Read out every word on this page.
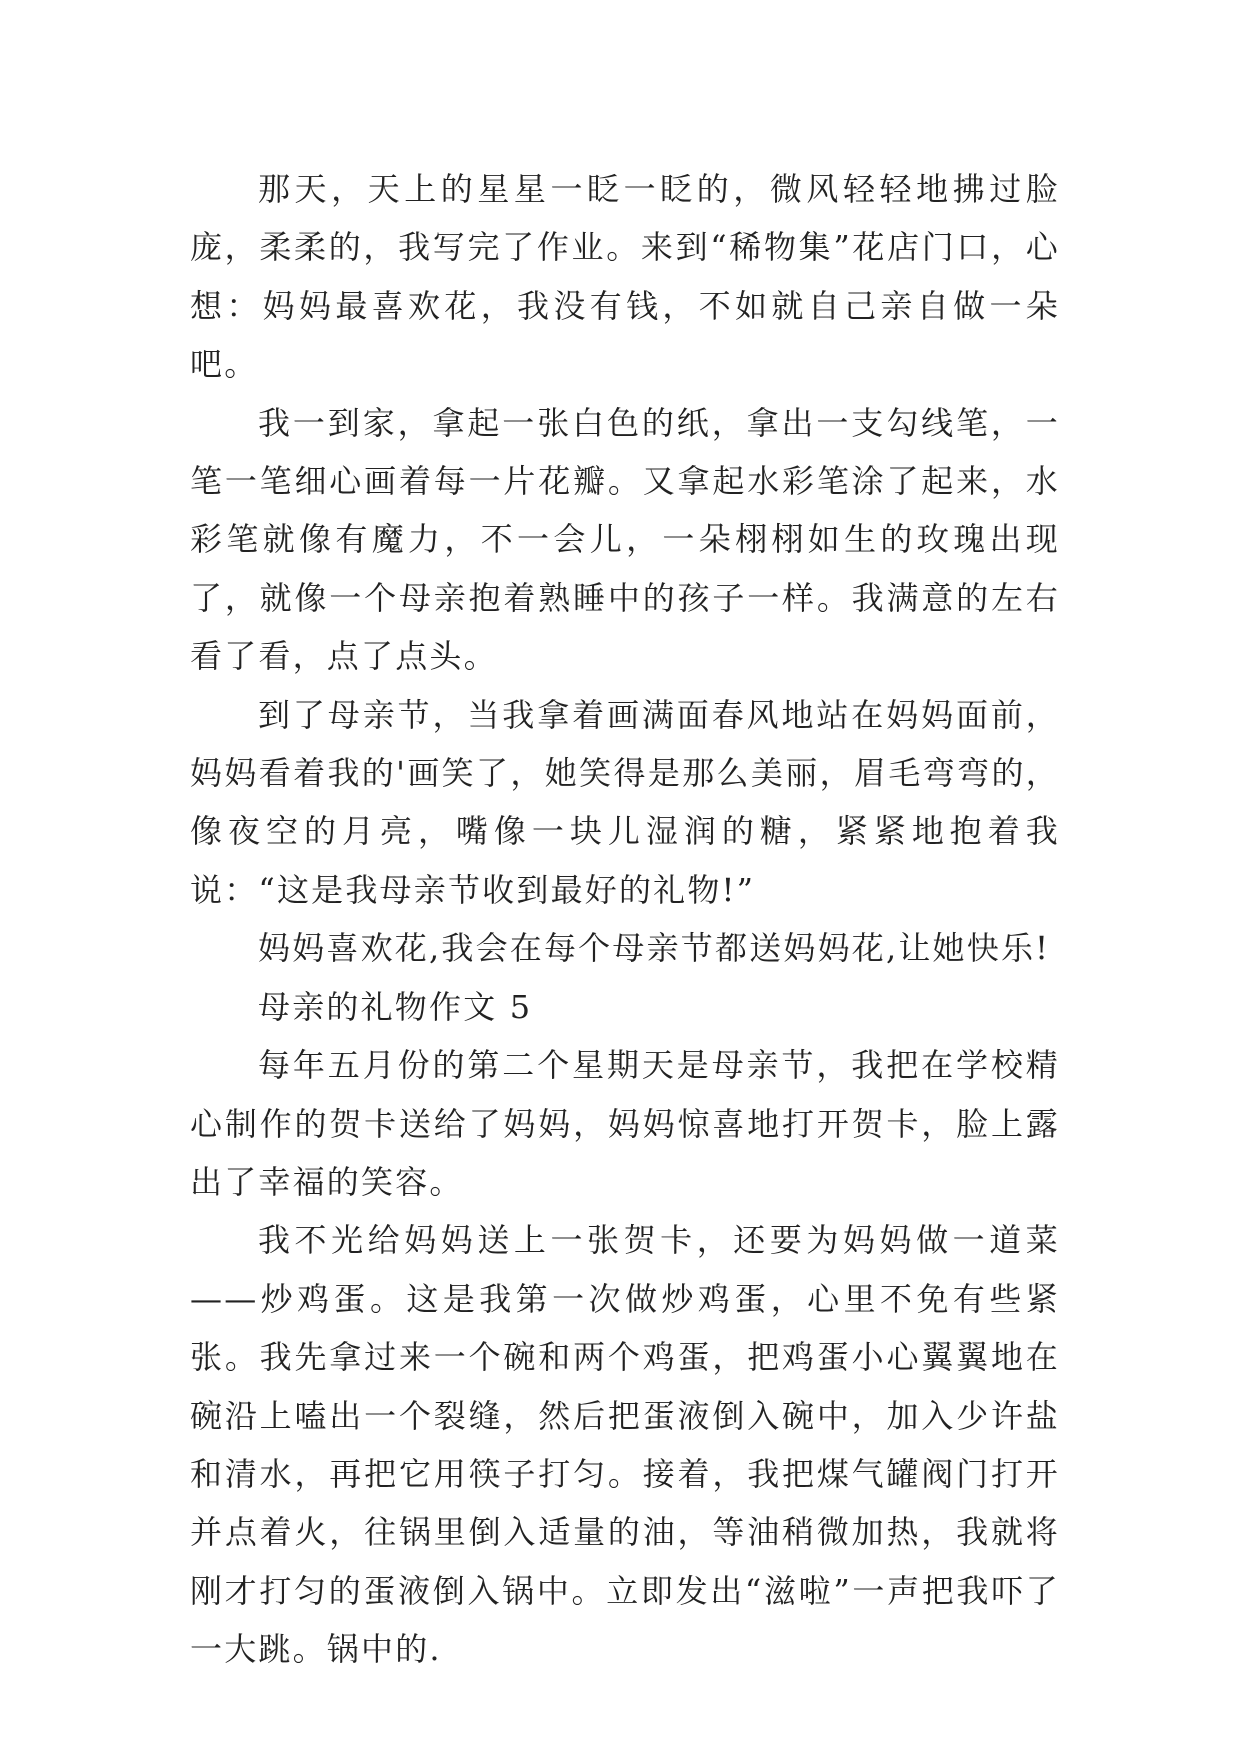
那天，天上的星星一眨一眨的，微风轻轻地拂过脸庞，柔柔的，我写完了作业。来到“稀物集”花店门口，心想：妈妈最喜欢花，我没有钱，不如就自己亲自做一朵吧。

我一到家，拿起一张白色的纸，拿出一支勾线笔，一笔一笔细心画着每一片花瓣。又拿起水彩笔涂了起来，水彩笔就像有魔力，不一会儿，一朵栩栩如生的玫瑰出现了，就像一个母亲抱着熟睡中的孩子一样。我满意的左右看了看，点了点头。

到了母亲节，当我拿着画满面春风地站在妈妈面前，妈妈看着我的'画笑了，她笑得是那么美丽，眉毛弯弯的，像夜空的月亮，嘴像一块儿湿润的糖，紧紧地抱着我说：“这是我母亲节收到最好的礼物!”

妈妈喜欢花,我会在每个母亲节都送妈妈花,让她快乐!

母亲的礼物作文 5

每年五月份的第二个星期天是母亲节，我把在学校精心制作的贺卡送给了妈妈，妈妈惊喜地打开贺卡，脸上露出了幸福的笑容。

我不光给妈妈送上一张贺卡，还要为妈妈做一道菜——炒鸡蛋。这是我第一次做炒鸡蛋，心里不免有些紧张。我先拿过来一个碗和两个鸡蛋，把鸡蛋小心翼翼地在碗沿上嗑出一个裂缝，然后把蛋液倒入碗中，加入少许盐和清水，再把它用筷子打匀。接着，我把煤气罐阀门打开并点着火，往锅里倒入适量的油，等油稍微加热，我就将刚才打匀的蛋液倒入锅中。立即发出“滋啦”一声把我吓了一大跳。锅中的.
